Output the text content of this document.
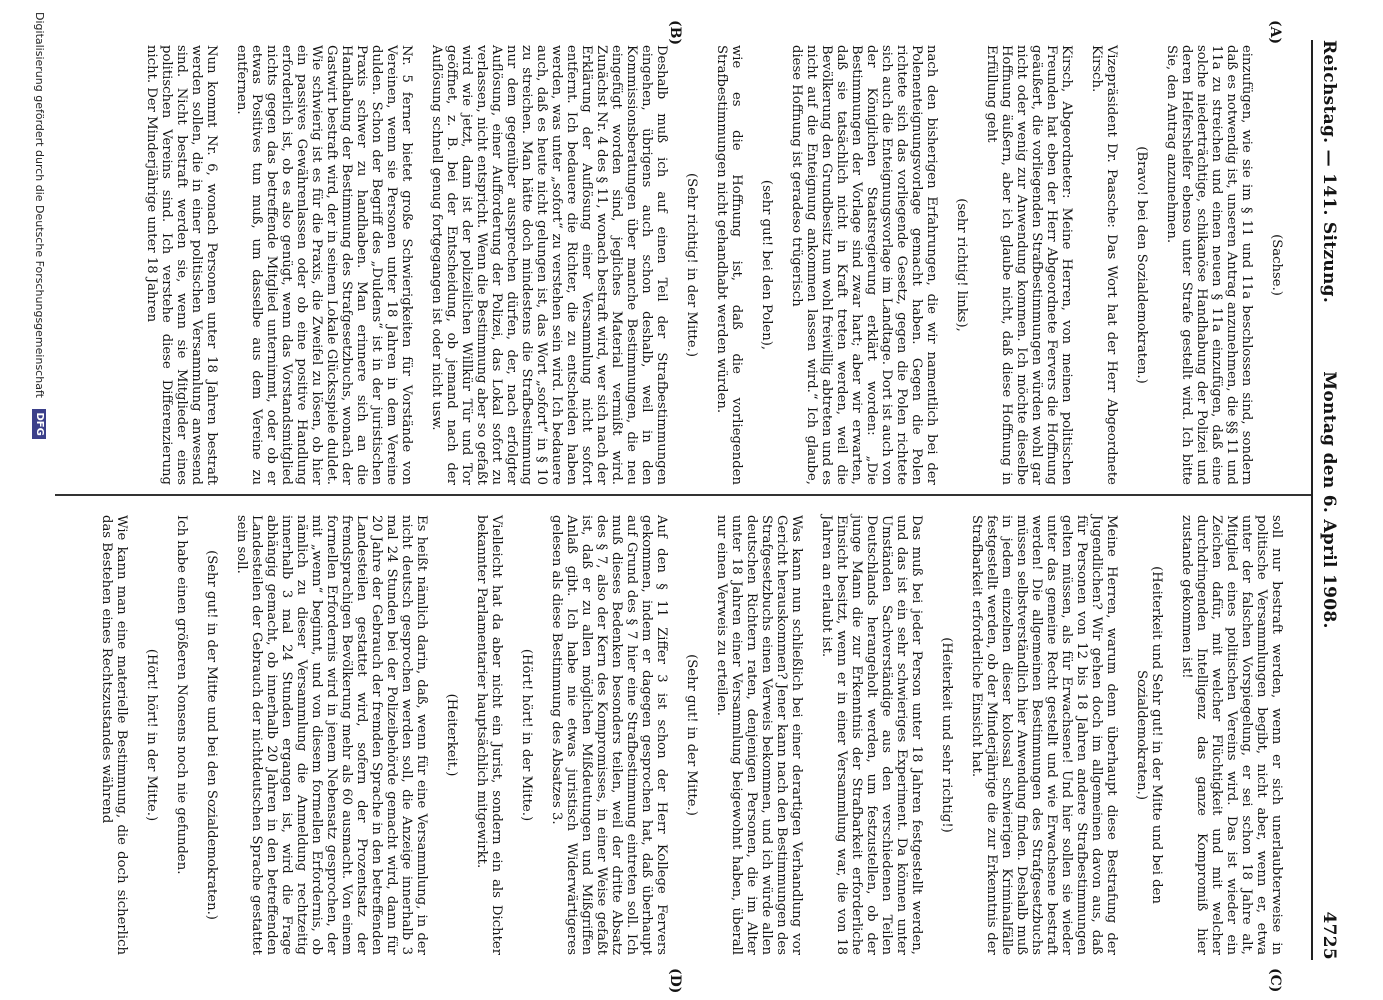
Reichstag. — 141. Sitzung.
Montag den 6. April 1908.
4725
(A)
(B)
(C)
(D)

(Sachse.)

einzufügen, wie sie im § 11 und 11a beschlossen sind, sondern daß es notwendig ist, unseren Antrag anzunehmen, die §§ 11 und 11a zu streichen und einen neuen § 11a einzufügen, daß eine solche niederträchtige, schikanöse Handhabung der Polizei und deren Helfershelfer ebenso unter Strafe gestellt wird. Ich bitte Sie, den Antrag anzunehmen.

(Bravo! bei den Sozialdemokraten.)

Vizepräsident Dr. Paasche: Das Wort hat der Herr Abgeordnete Kirsch.

Kirsch, Abgeordneter: Meine Herren, von meinen politischen Freunden hat eben der Herr Abgeordnete Fervers die Hoffnung geäußert, die vorliegenden Strafbestimmungen würden wohl gar nicht oder wenig zur Anwendung kommen. Ich möchte dieselbe Hoffnung äußern, aber ich glaube nicht, daß diese Hoffnung in Erfüllung geht

(sehr richtig! links),

nach den bisherigen Erfahrungen, die wir namentlich bei der Polenenteignungsvorlage gemacht haben. Gegen die Polen richtete sich das vorliegende Gesetz, gegen die Polen richtete sich auch die Enteignungsvorlage im Landtage. Dort ist auch von der Königlichen Staatsregierung erklärt worden: „Die Bestimmungen der Vorlage sind zwar hart; aber wir erwarten, daß sie tatsächlich nicht in Kraft treten werden, weil die Bevölkerung den Grundbesitz nun wohl freiwillig abtreten und es nicht auf die Enteignung ankommen lassen wird.“ Ich glaube, diese Hoffnung ist geradeso trügerisch

(sehr gut! bei den Polen),

wie es die Hoffnung ist, daß die vorliegenden Strafbestimmungen nicht gehandhabt werden würden.

(Sehr richtig! in der Mitte.)

Deshalb muß ich auf einen Teil der Strafbestimmungen eingehen, übrigens auch schon deshalb, weil in den Kommissionsberatungen über manche Bestimmungen, die neu eingefügt worden sind, jegliches Material vermißt wird. Zunächst Nr. 4 des § 11, wonach bestraft wird, wer sich nach der Erklärung der Auflösung einer Versammlung nicht sofort entfernt. Ich bedauere die Richter, die zu entscheiden haben werden, was unter „sofort“ zu verstehen sein wird. Ich bedauere auch, daß es heute nicht gelungen ist, das Wort „sofort“ in § 10 zu streichen. Man hätte doch mindestens die Strafbestimmung nur dem gegenüber aussprechen dürfen, der, nach erfolgter Auflösung, einer Aufforderung der Polizei, das Lokal sofort zu verlassen, nicht entspricht. Wenn die Bestimmung aber so gefaßt wird wie jetzt, dann ist der polizeilichen Willkür Tür und Tor geöffnet, z. B. bei der Entscheidung, ob jemand nach der Auflösung schnell genug fortgegangen ist oder nicht usw.

Nr. 5 ferner bietet große Schwierigkeiten für Vorstände von Vereinen, wenn sie Personen unter 18 Jahren in dem Vereine dulden. Schon der Begriff des „Duldens“ ist in der juristischen Praxis schwer zu handhaben. Man erinnere sich an die Handhabung der Bestimmung des Strafgesetzbuchs, wonach der Gastwirt bestraft wird, der in seinem Lokale Glücksspiele duldet. Wie schwierig ist es für die Praxis, die Zweifel zu lösen, ob hier ein passives Gewährenlassen oder ob eine positive Handlung erforderlich ist, ob es also genügt, wenn das Vorstandsmitglied nichts gegen das betreffende Mitglied unternimmt, oder ob er etwas Positives tun muß, um dasselbe aus dem Vereine zu entfernen.

Nun kommt Nr. 6, wonach Personen unter 18 Jahren bestraft werden sollen, die in einer politischen Versammlung anwesend sind. Nicht bestraft werden sie, wenn sie Mitglieder eines politischen Vereins sind. Ich verstehe diese Differenzierung nicht. Der Minderjährige unter 18 Jahren

soll nur bestraft werden, wenn er sich unerlaubterweise in politische Versammlungen begibt, nicht aber, wenn er, etwa unter der falschen Vorspiegelung, er sei schon 18 Jahre alt, Mitglied eines politischen Vereins wird. Das ist wieder ein Zeichen dafür, mit welcher Flüchtigkeit und mit welcher durchdringenden Intelligenz das ganze Kompromiß hier zustande gekommen ist!

(Heiterkeit und Sehr gut! in der Mitte und bei den Sozialdemokraten.)

Meine Herren, warum denn überhaupt diese Bestrafung der Jugendlichen? Wir gehen doch im allgemeinen davon aus, daß für Personen von 12 bis 18 Jahren andere Strafbestimmungen gelten müssen, als für Erwachsene! Und hier sollen sie wieder unter das gemeine Recht gestellt und wie Erwachsene bestraft werden! Die allgemeinen Bestimmungen des Strafgesetzbuchs müssen selbstverständlich hier Anwendung finden. Deshalb muß in jedem einzelnen dieser kolossal schwierigen Kriminalfälle festgestellt werden, ob der Minderjährige die zur Erkenntnis der Strafbarkeit erforderliche Einsicht hat.

(Heiterkeit und sehr richtig!)

Das muß bei jeder Person unter 18 Jahren festgestellt werden, und das ist ein sehr schwieriges Experiment. Da können unter Umständen Sachverständige aus den verschiedenen Teilen Deutschlands herangeholt werden, um festzustellen, ob der junge Mann die zur Erkenntnis der Strafbarkeit erforderliche Einsicht besitzt, wenn er in einer Versammlung war, die von 18 Jahren an erlaubt ist.

Was kann nun schließlich bei einer derartigen Verhandlung vor Gericht herauskommen? Jener kann nach den Bestimmungen des Strafgesetzbuchs einen Verweis bekommen, und ich würde allen deutschen Richtern raten, denjenigen Personen, die im Alter unter 18 Jahren einer Versammlung beigewohnt haben, überall nur einen Verweis zu erteilen.

(Sehr gut! in der Mitte.)

Auf den § 11 Ziffer 3 ist schon der Herr Kollege Fervers gekommen, indem er dagegen gesprochen hat, daß überhaupt auf Grund des § 7 hier eine Strafbestimmung eintreten soll. Ich muß dieses Bedenken besonders teilen, weil der dritte Absatz des § 7, also der Kern des Kompromisses, in einer Weise gefaßt ist, daß er zu allen möglichen Mißdeutungen und Mißgriffen Anlaß gibt. Ich habe nie etwas juristisch Widerwärtigeres gelesen als diese Bestimmung des Absatzes 3.

(Hört! hört! in der Mitte.)

Vielleicht hat da aber nicht ein Jurist, sondern ein als Dichter bekannter Parlamentarier hauptsächlich mitgewirkt.

(Heiterkeit.)

Es heißt nämlich darin, daß, wenn für eine Versammlung, in der nicht deutsch gesprochen werden soll, die Anzeige innerhalb 3 mal 24 Stunden bei der Polizeibehörde gemacht wird, dann für 20 Jahre der Gebrauch der fremden Sprache in den betreffenden Landesteilen gestattet wird, sofern der Prozentsatz der fremdsprachigen Bevölkerung mehr als 60 ausmacht. Von einem formellen Erfordernis wird in jenem Nebensatz gesprochen, der mit „wenn“ beginnt, und von diesem formellen Erfordernis, ob nämlich zu dieser Versammlung die Anmeldung rechtzeitig innerhalb 3 mal 24 Stunden ergangen ist, wird die Frage abhängig gemacht, ob innerhalb 20 Jahren in den betreffenden Landesteilen der Gebrauch der nichtdeutschen Sprache gestattet sein soll.

(Sehr gut! in der Mitte und bei den Sozialdemokraten.)

Ich habe einen größeren Nonsens noch nie gefunden.

(Hört! hört! in der Mitte.)

Wie kann man eine materielle Bestimmung, die doch sicherlich das Bestehen eines Rechtszustandes während

Digitalisierung gefördert durch die Deutsche Forschungsgemeinschaft DFG
